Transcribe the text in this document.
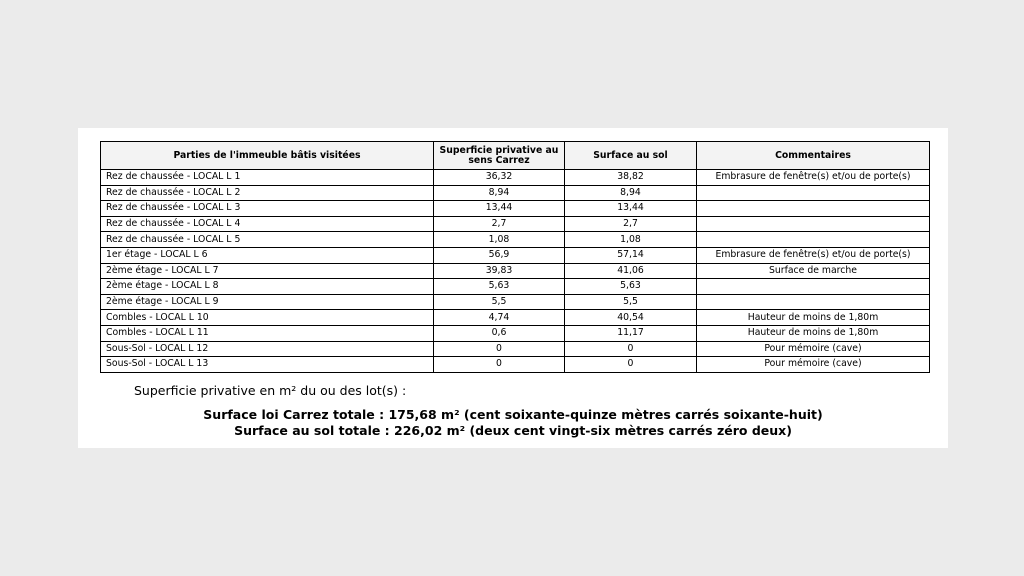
Parties de l'immeuble bâtis visitées	Superficie privative au sens Carrez	Surface au sol	Commentaires
Rez de chaussée - LOCAL L 1	36,32	38,82	Embrasure de fenêtre(s) et/ou de porte(s)
Rez de chaussée - LOCAL L 2	8,94	8,94	
Rez de chaussée - LOCAL L 3	13,44	13,44	
Rez de chaussée - LOCAL L 4	2,7	2,7	
Rez de chaussée - LOCAL L 5	1,08	1,08	
1er étage - LOCAL L 6	56,9	57,14	Embrasure de fenêtre(s) et/ou de porte(s)
2ème étage - LOCAL L 7	39,83	41,06	Surface de marche
2ème étage - LOCAL L 8	5,63	5,63	
2ème étage - LOCAL L 9	5,5	5,5	
Combles - LOCAL L 10	4,74	40,54	Hauteur de moins de 1,80m
Combles - LOCAL L 11	0,6	11,17	Hauteur de moins de 1,80m
Sous-Sol - LOCAL L 12	0	0	Pour mémoire (cave)
Sous-Sol - LOCAL L 13	0	0	Pour mémoire (cave)
Superficie privative en m² du ou des lot(s) :
Surface loi Carrez totale : 175,68 m² (cent soixante-quinze mètres carrés soixante-huit)
Surface au sol totale : 226,02 m² (deux cent vingt-six mètres carrés zéro deux)
